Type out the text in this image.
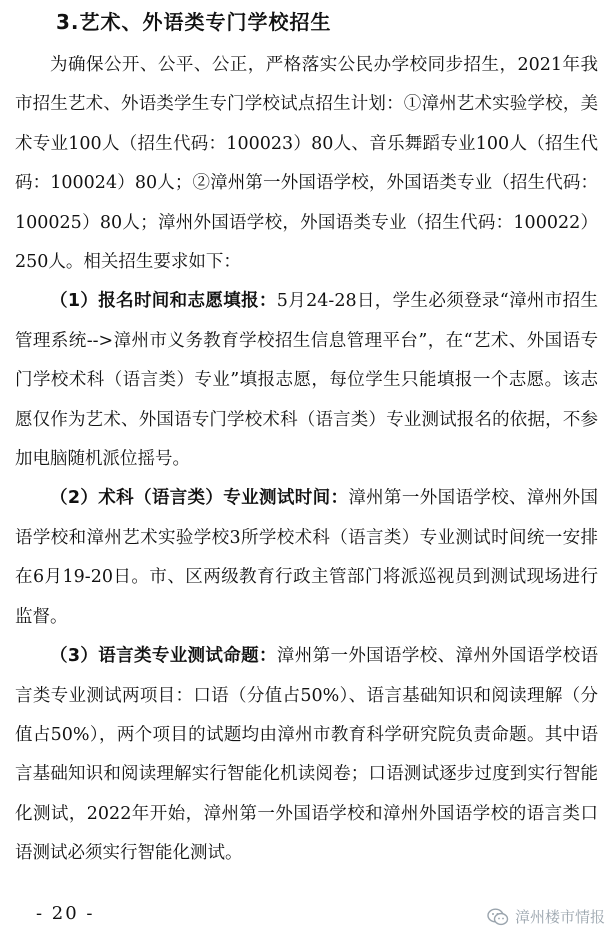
3.艺术、外语类专门学校招生

为确保公开、公平、公正，严格落实公民办学校同步招生，2021年我市招生艺术、外语类学生专门学校试点招生计划：①漳州艺术实验学校，美术专业100人（招生代码：100023）80人、音乐舞蹈专业100人（招生代码：100024）80人；②漳州第一外国语学校，外国语类专业（招生代码：100025）80人；漳州外国语学校，外国语类专业（招生代码：100022）250人。相关招生要求如下：

（1）报名时间和志愿填报：5月24-28日，学生必须登录“漳州市招生管理系统-->漳州市义务教育学校招生信息管理平台”，在“艺术、外国语专门学校术科（语言类）专业”填报志愿，每位学生只能填报一个志愿。该志愿仅作为艺术、外国语专门学校术科（语言类）专业测试报名的依据，不参加电脑随机派位摇号。

（2）术科（语言类）专业测试时间：漳州第一外国语学校、漳州外国语学校和漳州艺术实验学校3所学校术科（语言类）专业测试时间统一安排在6月19-20日。市、区两级教育行政主管部门将派巡视员到测试现场进行监督。

（3）语言类专业测试命题：漳州第一外国语学校、漳州外国语学校语言类专业测试两项目：口语（分值占50%）、语言基础知识和阅读理解（分值占50%），两个项目的试题均由漳州市教育科学研究院负责命题。其中语言基础知识和阅读理解实行智能化机读阅卷；口语测试逐步过度到实行智能化测试，2022年开始，漳州第一外国语学校和漳州外国语学校的语言类口语测试必须实行智能化测试。

- 20 -	漳州楼市情报
